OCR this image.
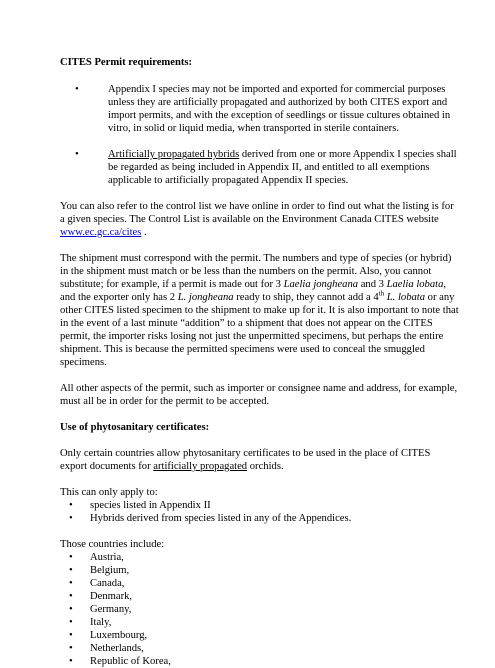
CITES Permit requirements:
•	Appendix I species may not be imported and exported for commercial purposes unless they are artificially propagated and authorized by both CITES export and import permits, and with the exception of seedlings or tissue cultures obtained in vitro, in solid or liquid media, when transported in sterile containers.
•	Artificially propagated hybrids derived from one or more Appendix I species shall be regarded as being included in Appendix II, and entitled to all exemptions applicable to artificially propagated Appendix II species.

You can also refer to the control list we have online in order to find out what the listing is for a given species. The Control List is available on the Environment Canada CITES website www.ec.gc.ca/cites .

The shipment must correspond with the permit. The numbers and type of species (or hybrid) in the shipment must match or be less than the numbers on the permit. Also, you cannot substitute; for example, if a permit is made out for 3 Laelia jongheana and 3 Laelia lobata, and the exporter only has 2 L. jongheana ready to ship, they cannot add a 4th L. lobata or any other CITES listed specimen to the shipment to make up for it. It is also important to note that in the event of a last minute “addition” to a shipment that does not appear on the CITES permit, the importer risks losing not just the unpermitted specimens, but perhaps the entire shipment. This is because the permitted specimens were used to conceal the smuggled specimens.

All other aspects of the permit, such as importer or consignee name and address, for example, must all be in order for the permit to be accepted.

Use of phytosanitary certificates:

Only certain countries allow phytosanitary certificates to be used in the place of CITES export documents for artificially propagated orchids.

This can only apply to:

• species listed in Appendix II
• Hybrids derived from species listed in any of the Appendices.

Those countries include:

• Austria,
• Belgium,
• Canada,
• Denmark,
• Germany,
• Italy,
• Luxembourg,
• Netherlands,
• Republic of Korea,
